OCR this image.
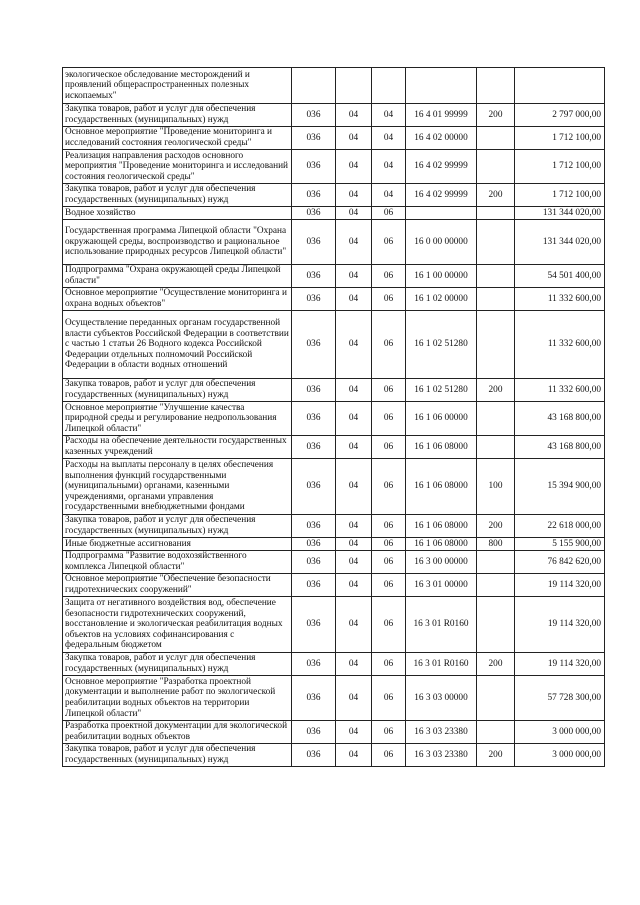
экологическое обследование месторождений и проявлений общераспространенных полезных ископаемых"						
Закупка товаров, работ и услуг для обеспечения государственных (муниципальных) нужд	036	04	04	16 4 01 99999	200	2 797 000,00
Основное мероприятие "Проведение мониторинга и исследований состояния геологической среды"	036	04	04	16 4 02 00000		1 712 100,00
Реализация направления расходов основного мероприятия "Проведение мониторинга и исследований состояния геологической среды"	036	04	04	16 4 02 99999		1 712 100,00
Закупка товаров, работ и услуг для обеспечения государственных (муниципальных) нужд	036	04	04	16 4 02 99999	200	1 712 100,00
Водное хозяйство	036	04	06			131 344 020,00
Государственная программа Липецкой области "Охрана окружающей среды, воспроизводство и рациональное использование природных ресурсов Липецкой области"	036	04	06	16 0 00 00000		131 344 020,00
Подпрограмма "Охрана окружающей среды Липецкой области"	036	04	06	16 1 00 00000		54 501 400,00
Основное мероприятие "Осуществление мониторинга и охрана водных объектов"	036	04	06	16 1 02 00000		11 332 600,00
Осуществление переданных органам государственной власти субъектов Российской Федерации в соответствии с частью 1 статьи 26 Водного кодекса Российской Федерации отдельных полномочий Российской Федерации в области водных отношений	036	04	06	16 1 02 51280		11 332 600,00
Закупка товаров, работ и услуг для обеспечения государственных (муниципальных) нужд	036	04	06	16 1 02 51280	200	11 332 600,00
Основное мероприятие "Улучшение качества природной среды и регулирование недропользования Липецкой области"	036	04	06	16 1 06 00000		43 168 800,00
Расходы на обеспечение деятельности государственных казенных учреждений	036	04	06	16 1 06 08000		43 168 800,00
Расходы на выплаты персоналу в целях обеспечения выполнения функций государственными (муниципальными) органами, казенными учреждениями, органами управления государственными внебюджетными фондами	036	04	06	16 1 06 08000	100	15 394 900,00
Закупка товаров, работ и услуг для обеспечения государственных (муниципальных) нужд	036	04	06	16 1 06 08000	200	22 618 000,00
Иные бюджетные ассигнования	036	04	06	16 1 06 08000	800	5 155 900,00
Подпрограмма "Развитие водохозяйственного комплекса Липецкой области"	036	04	06	16 3 00 00000		76 842 620,00
Основное мероприятие "Обеспечение безопасности гидротехнических сооружений"	036	04	06	16 3 01 00000		19 114 320,00
Защита от негативного воздействия вод, обеспечение безопасности гидротехнических сооружений, восстановление и экологическая реабилитация водных объектов на условиях софинансирования с федеральным бюджетом	036	04	06	16 3 01 R0160		19 114 320,00
Закупка товаров, работ и услуг для обеспечения государственных (муниципальных) нужд	036	04	06	16 3 01 R0160	200	19 114 320,00
Основное мероприятие "Разработка проектной документации и выполнение работ по экологической реабилитации водных объектов на территории Липецкой области"	036	04	06	16 3 03 00000		57 728 300,00
Разработка проектной документации для экологической реабилитации водных объектов	036	04	06	16 3 03 23380		3 000 000,00
Закупка товаров, работ и услуг для обеспечения государственных (муниципальных) нужд	036	04	06	16 3 03 23380	200	3 000 000,00
